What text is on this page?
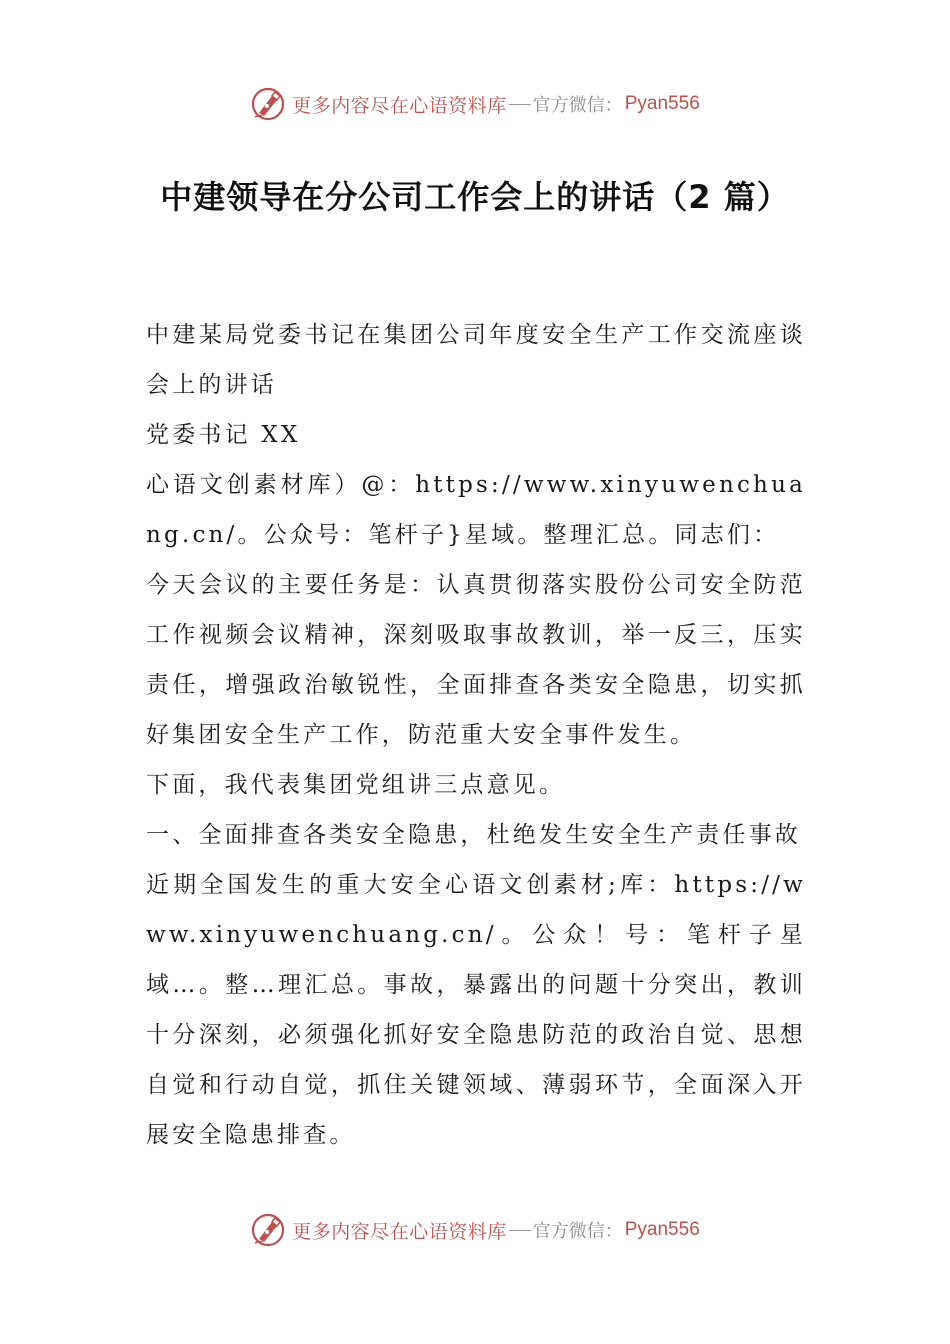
更多内容尽在心语资料库 官方微信： Pyan556
中建领导在分公司工作会上的讲话（2 篇）

中建某局党委书记在集团公司年度安全生产工作交流座谈会上的讲话

党委书记 XX

心语文创素材库）@：https://www.xinyuwenchuang.cn/。公众号：笔杆子}星域。整理汇总。同志们：

今天会议的主要任务是：认真贯彻落实股份公司安全防范工作视频会议精神，深刻吸取事故教训，举一反三，压实责任，增强政治敏锐性，全面排查各类安全隐患，切实抓好集团安全生产工作，防范重大安全事件发生。

下面，我代表集团党组讲三点意见。

一、全面排查各类安全隐患，杜绝发生安全生产责任事故

近期全国发生的重大安全心语文创素材;库：https://www.xinyuwenchuang.cn/。公众！号：笔杆子星域…。整…理汇总。事故，暴露出的问题十分突出，教训十分深刻，必须强化抓好安全隐患防范的政治自觉、思想自觉和行动自觉，抓住关键领域、薄弱环节，全面深入开展安全隐患排查。

更多内容尽在心语资料库 官方微信： Pyan556
